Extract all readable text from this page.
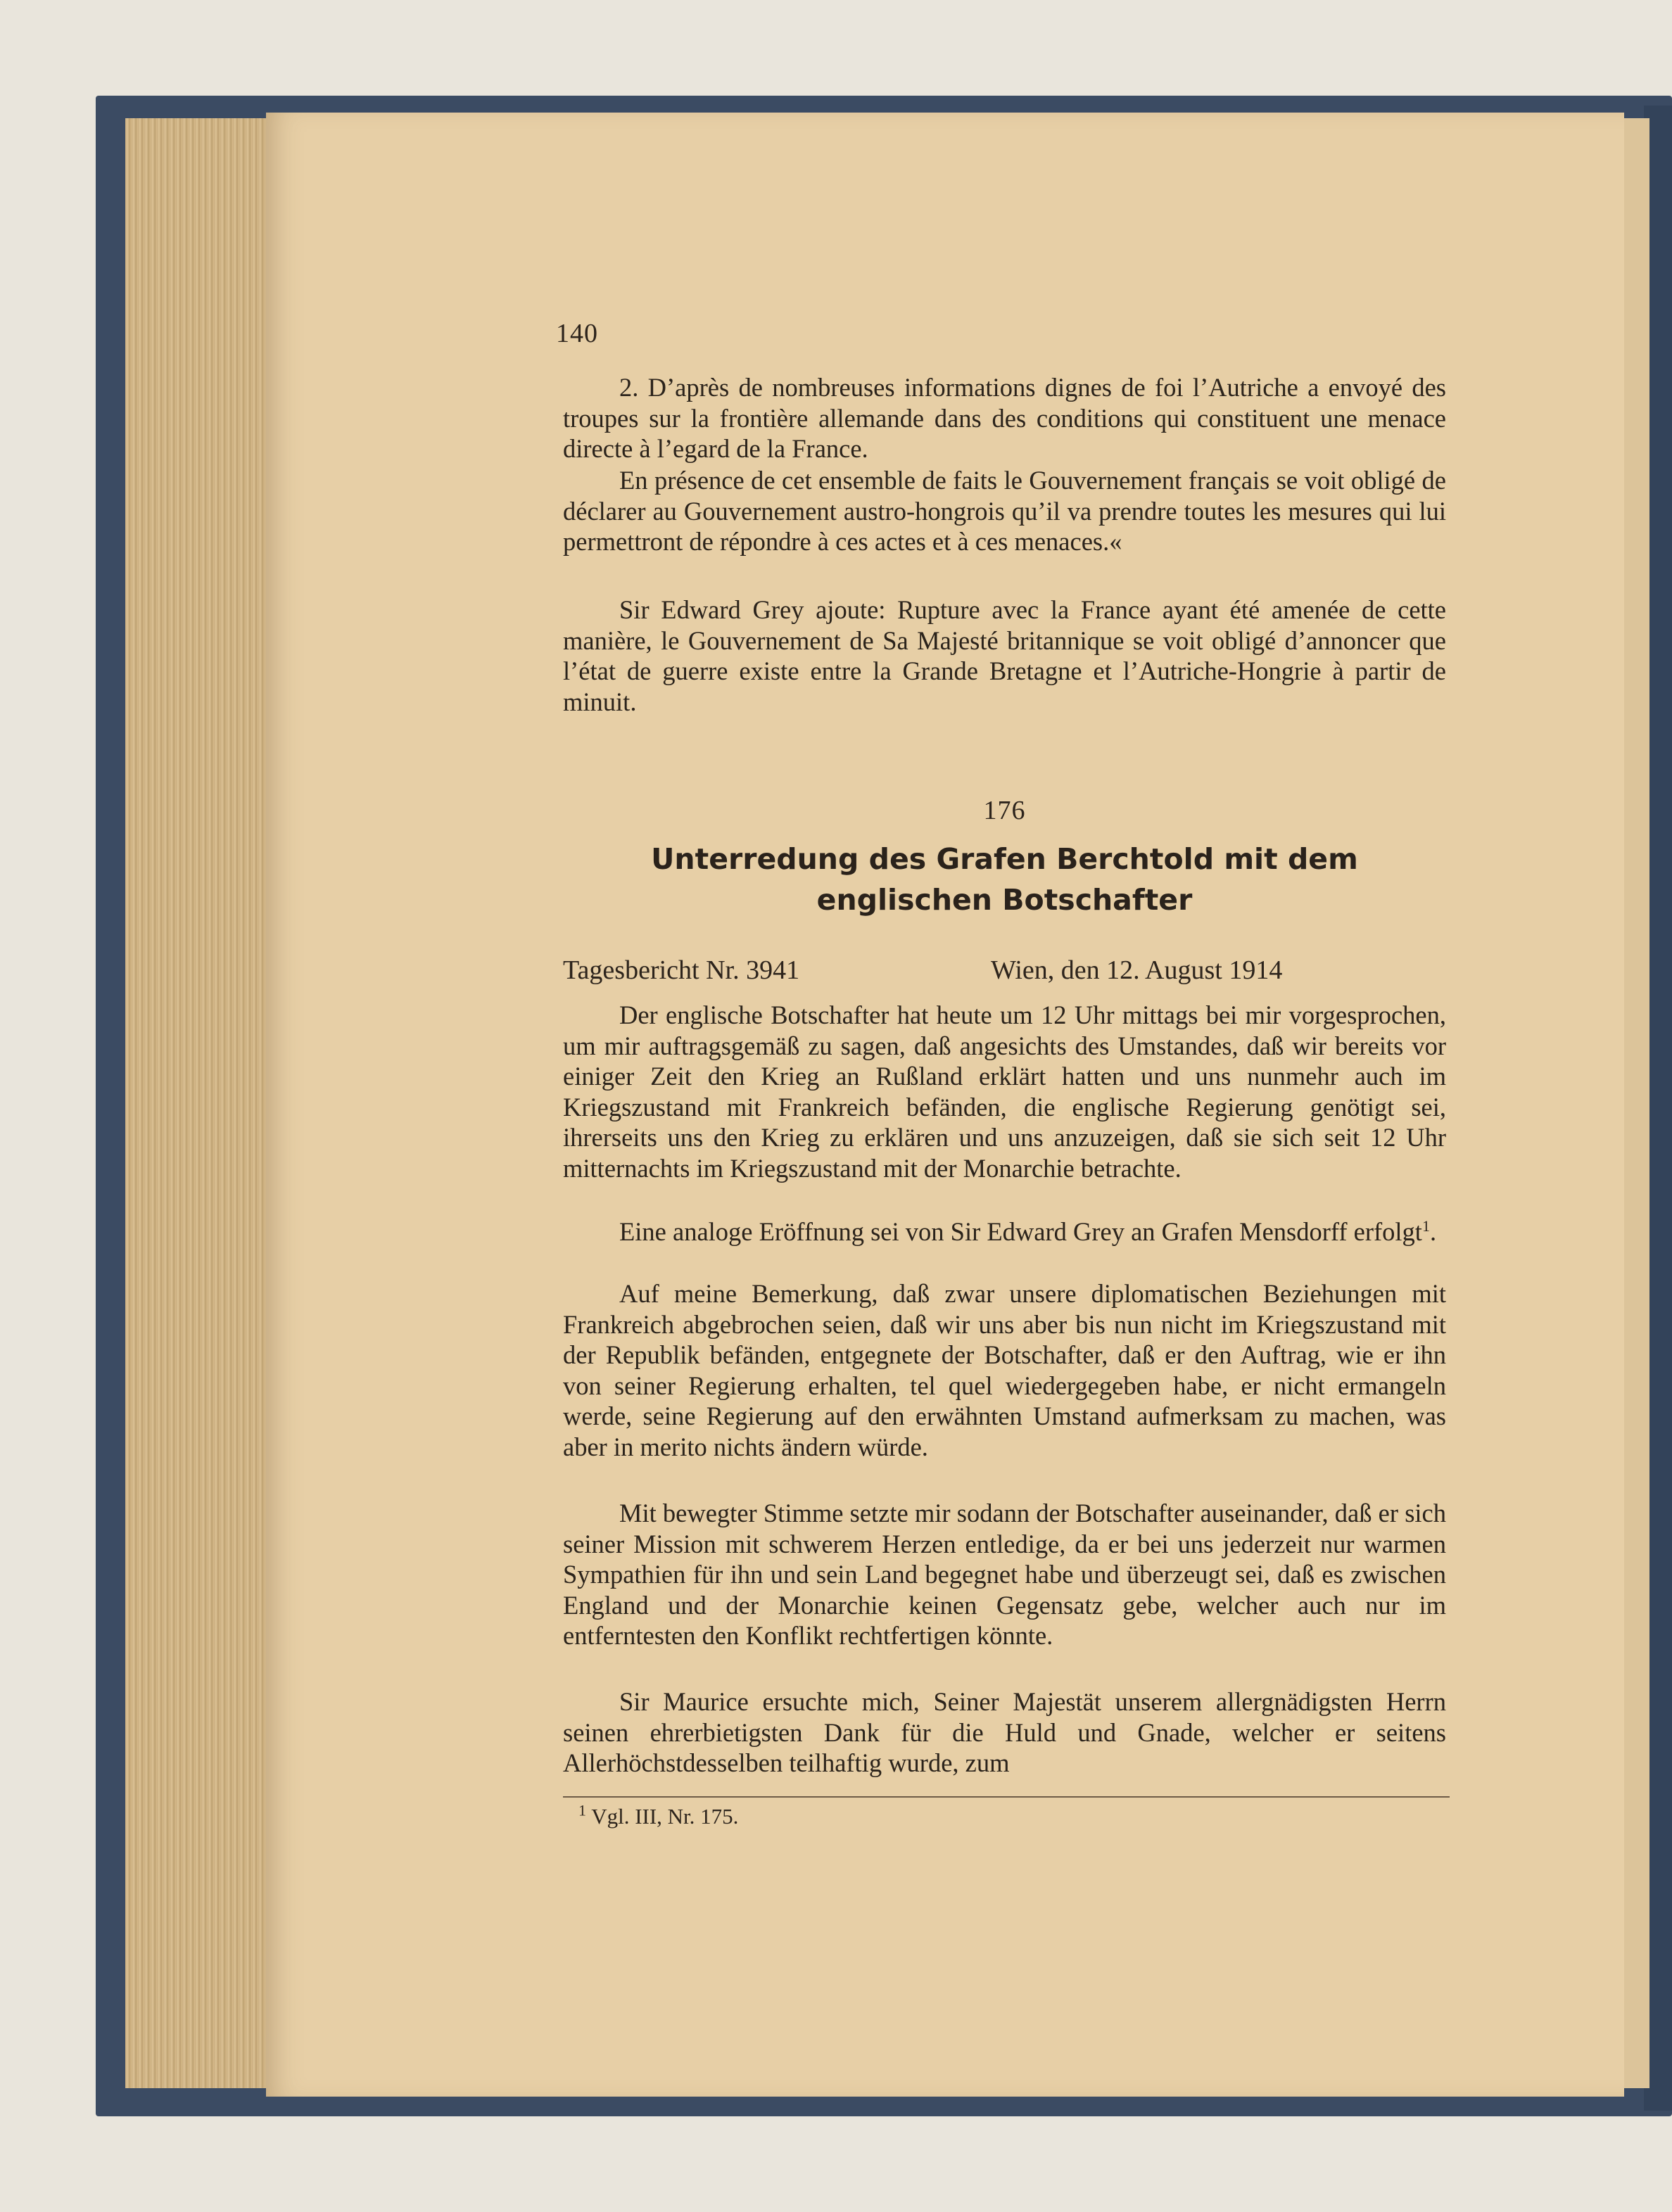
140

2. D’après de nombreuses informations dignes de foi l’Autriche a envoyé des troupes sur la frontière allemande dans des conditions qui constituent une menace directe à l’egard de la France.

En présence de cet ensemble de faits le Gouvernement français se voit obligé de déclarer au Gouvernement austro-hongrois qu’il va prendre toutes les mesures qui lui permettront de répondre à ces actes et à ces menaces.«

Sir Edward Grey ajoute: Rupture avec la France ayant été amenée de cette manière, le Gouvernement de Sa Majesté britannique se voit obligé d’annoncer que l’état de guerre existe entre la Grande Bretagne et l’Autriche-Hongrie à partir de minuit.

176
Unterredung des Grafen Berchtold mit dem englischen Botschafter
Tagesbericht Nr. 3941	Wien, den 12. August 1914

Der englische Botschafter hat heute um 12 Uhr mittags bei mir vorgesprochen, um mir auftragsgemäß zu sagen, daß angesichts des Umstandes, daß wir bereits vor einiger Zeit den Krieg an Rußland erklärt hatten und uns nunmehr auch im Kriegszustand mit Frankreich befänden, die englische Regierung genötigt sei, ihrerseits uns den Krieg zu erklären und uns anzuzeigen, daß sie sich seit 12 Uhr mitternachts im Kriegszustand mit der Monarchie betrachte.

Eine analoge Eröffnung sei von Sir Edward Grey an Grafen Mensdorff erfolgt$^1$.

Auf meine Bemerkung, daß zwar unsere diplomatischen Beziehungen mit Frankreich abgebrochen seien, daß wir uns aber bis nun nicht im Kriegszustand mit der Republik befänden, entgegnete der Botschafter, daß er den Auftrag, wie er ihn von seiner Regierung erhalten, tel quel wiedergegeben habe, er nicht ermangeln werde, seine Regierung auf den erwähnten Umstand aufmerksam zu machen, was aber in merito nichts ändern würde.

Mit bewegter Stimme setzte mir sodann der Botschafter auseinander, daß er sich seiner Mission mit schwerem Herzen entledige, da er bei uns jederzeit nur warmen Sympathien für ihn und sein Land begegnet habe und überzeugt sei, daß es zwischen England und der Monarchie keinen Gegensatz gebe, welcher auch nur im entferntesten den Konflikt rechtfertigen könnte.

Sir Maurice ersuchte mich, Seiner Majestät unserem allergnädigsten Herrn seinen ehrerbietigsten Dank für die Huld und Gnade, welcher er seitens Allerhöchstdesselben teilhaftig wurde, zum

$^1$ Vgl. III, Nr. 175.
